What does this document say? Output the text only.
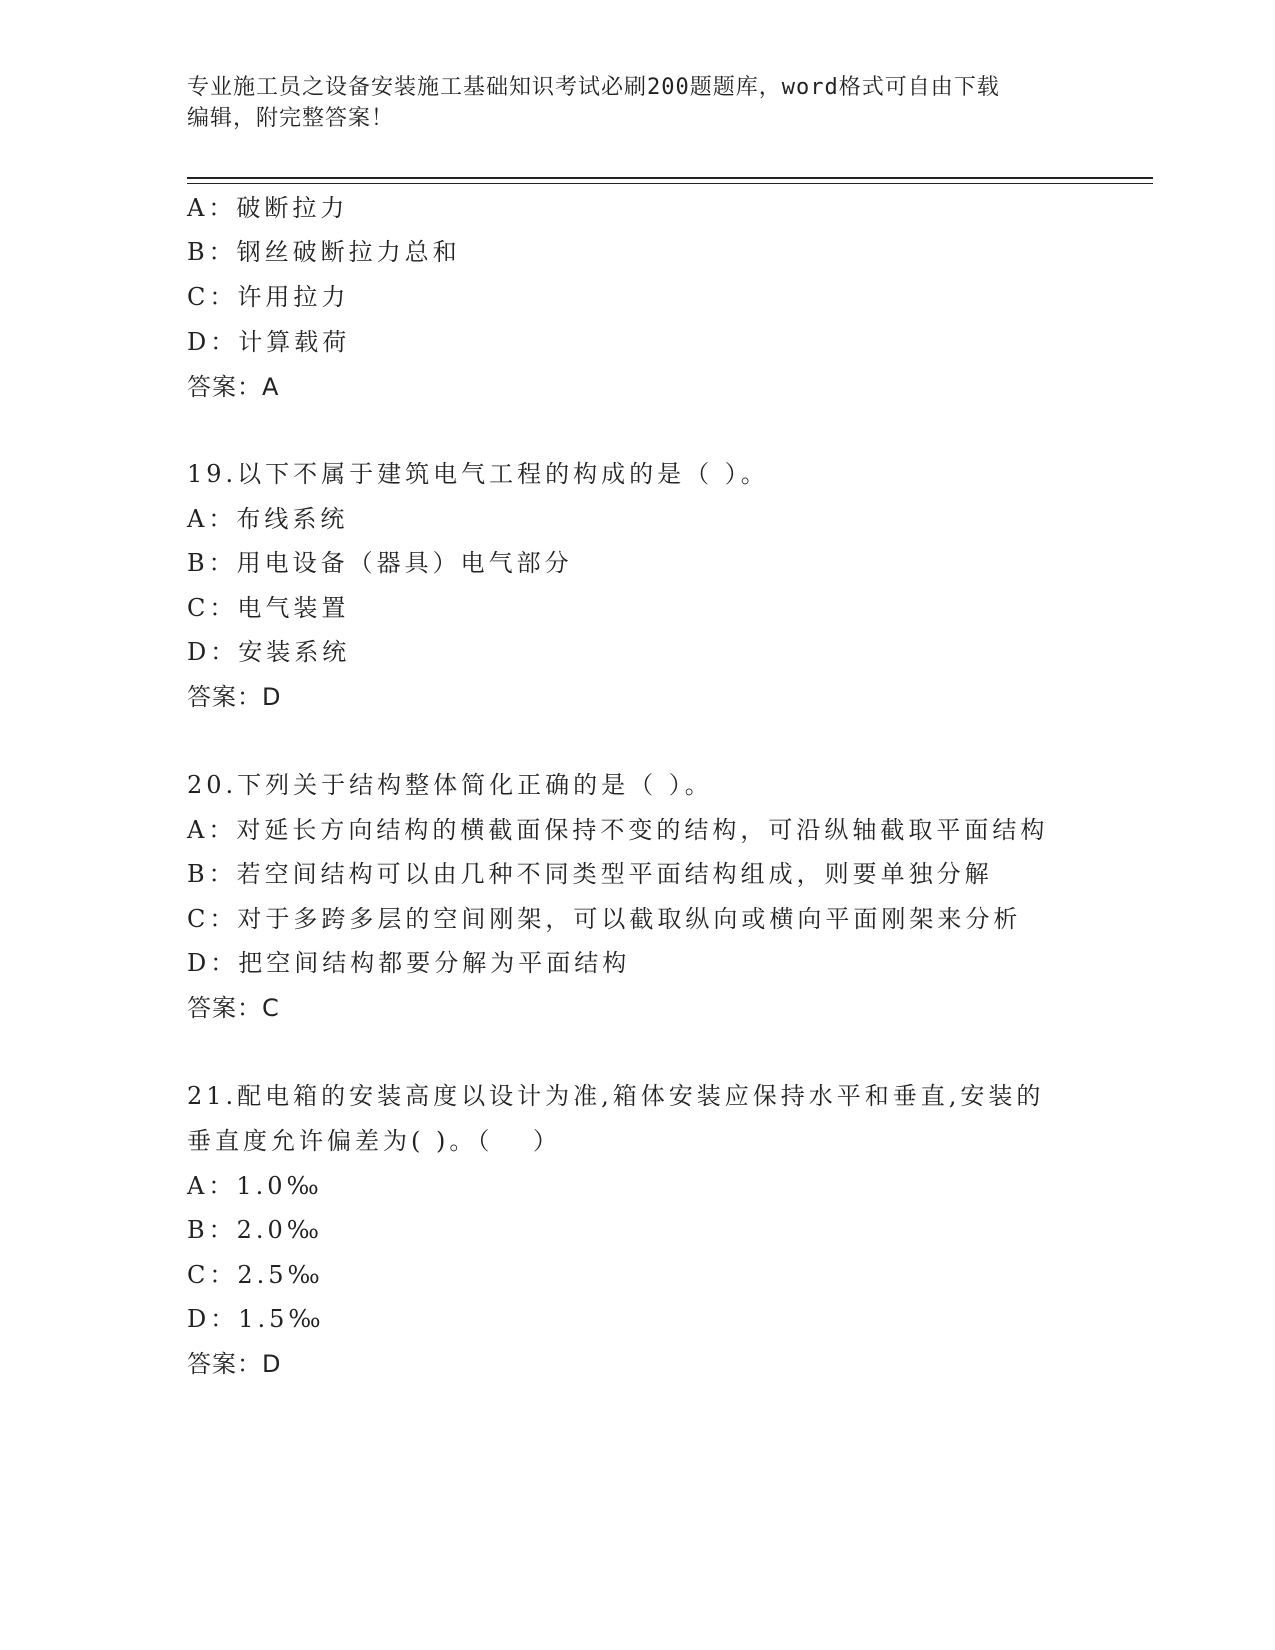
专业施工员之设备安装施工基础知识考试必刷200题题库，word格式可自由下载
编辑，附完整答案！
A：破断拉力
B：钢丝破断拉力总和
C：许用拉力
D：计算载荷
答案：A
19.以下不属于建筑电气工程的构成的是（ ）。
A：布线系统
B：用电设备（器具）电气部分
C：电气装置
D：安装系统
答案：D
20.下列关于结构整体简化正确的是（ ）。
A：对延长方向结构的横截面保持不变的结构，可沿纵轴截取平面结构
B：若空间结构可以由几种不同类型平面结构组成，则要单独分解
C：对于多跨多层的空间刚架，可以截取纵向或横向平面刚架来分析
D：把空间结构都要分解为平面结构
答案：C
21.配电箱的安装高度以设计为准,箱体安装应保持水平和垂直,安装的
垂直度允许偏差为( )。（　 ）
A：1.0‰
B：2.0‰
C：2.5‰
D：1.5‰
答案：D
